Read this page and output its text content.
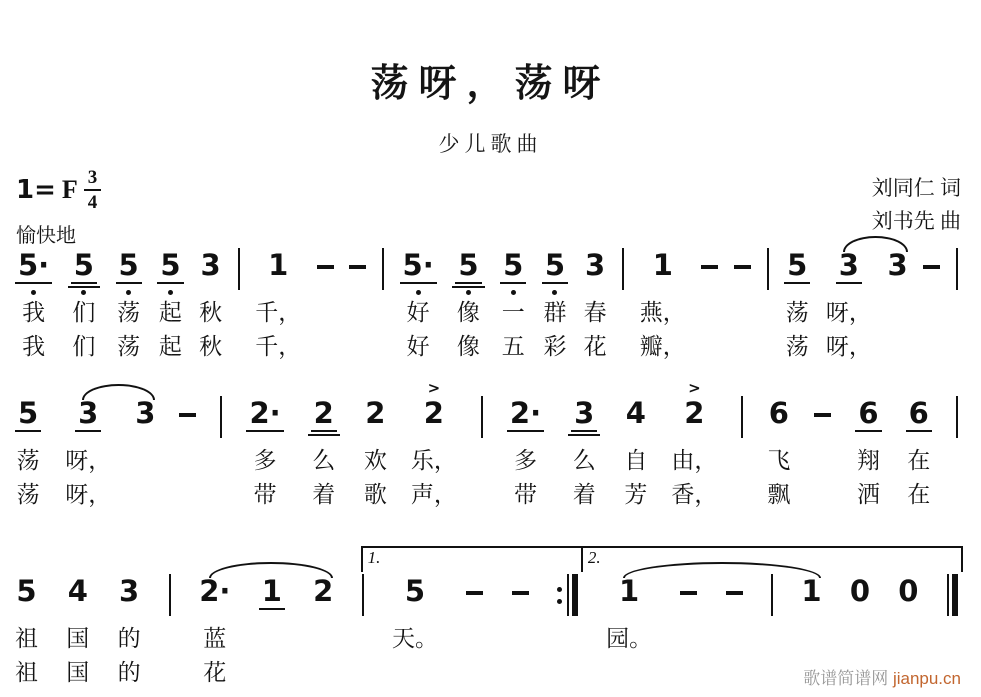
荡呀，荡呀
少儿歌曲
1= F $\frac{3}{4}$
愉快地
刘同仁 词
刘书先 曲
5·
我
我
5
们
们
5
荡
荡
5
起
起
3
秋
秋
1
千，
千，
5·
好
好
5
像
像
5
一
五
5
群
彩
3
春
花
1
燕，
瓣，
5
荡
荡
3
呀，
呀，
3
5
荡
荡
3
呀，
呀，
3	2·
多
带
2
么
着
2
欢
歌
>
2
乐，
声，
2·
多
带
3
么
着
4
自
芳
>
2
由，
香，
6
飞
飘
6
翔
洒
6
在
在
5
祖
祖
4
国
国
3
的
的
2·
蓝
花
1 2 5
天。
1
园。
1 0 0
1.	2.
歌谱简谱网 jianpu.cn
